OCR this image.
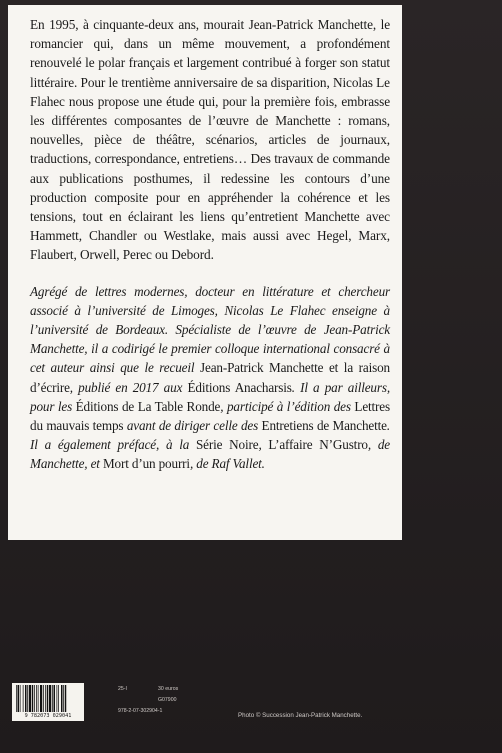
En 1995, à cinquante-deux ans, mourait Jean-Patrick Manchette, le romancier qui, dans un même mouvement, a profondément renouvelé le polar français et largement contribué à forger son statut littéraire. Pour le trentième anniversaire de sa disparition, Nicolas Le Flahec nous propose une étude qui, pour la première fois, embrasse les différentes composantes de l’œuvre de Manchette : romans, nouvelles, pièce de théâtre, scénarios, articles de journaux, traductions, correspondance, entretiens… Des travaux de commande aux publications posthumes, il redessine les contours d’une production composite pour en appréhender la cohérence et les tensions, tout en éclairant les liens qu’entretient Manchette avec Hammett, Chandler ou Westlake, mais aussi avec Hegel, Marx, Flaubert, Orwell, Perec ou Debord.

Agrégé de lettres modernes, docteur en littérature et chercheur associé à l’université de Limoges, Nicolas Le Flahec enseigne à l’université de Bordeaux. Spécialiste de l’œuvre de Jean-Patrick Manchette, il a codirigé le premier colloque international consacré à cet auteur ainsi que le recueil Jean-Patrick Manchette et la raison d’écrire, publié en 2017 aux Éditions Anacharsis. Il a par ailleurs, pour les Éditions de La Table Ronde, participé à l’édition des Lettres du mauvais temps avant de diriger celle des Entretiens de Manchette. Il a également préfacé, à la Série Noire, L’affaire N’Gustro, de Manchette, et Mort d’un pourri, de Raf Vallet.

9 782073 029041
25-I	30 euros
G07900
978-2-07-302904-1
Photo © Succession Jean-Patrick Manchette.
